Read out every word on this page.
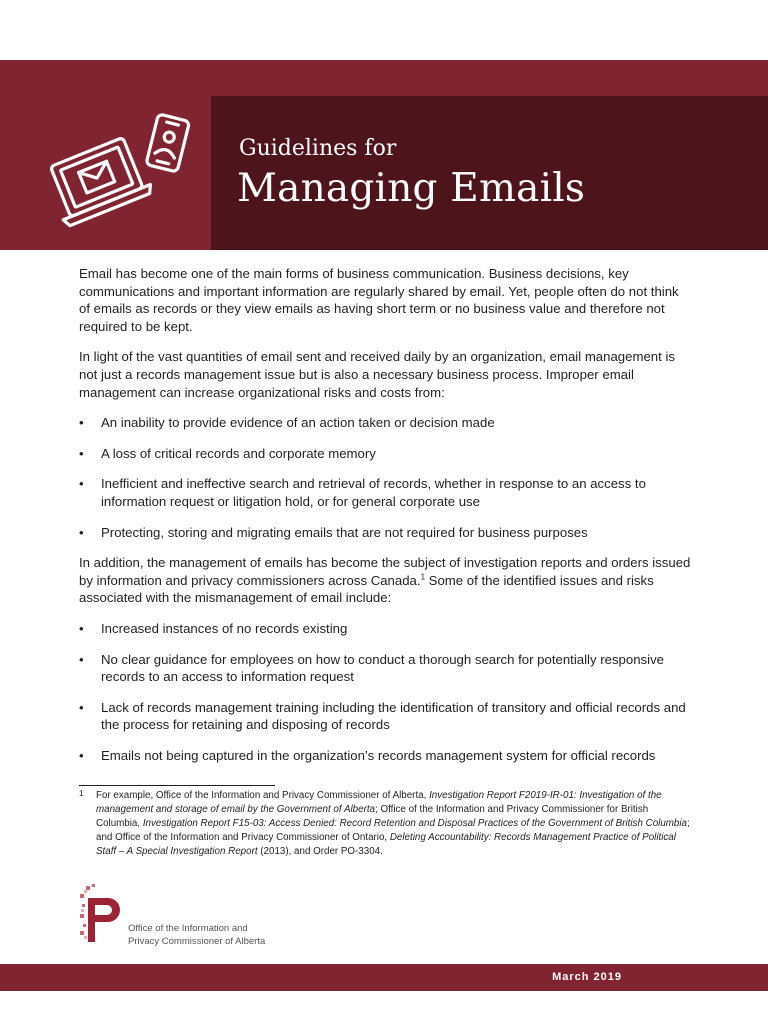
Guidelines for
Managing Emails

Email has become one of the main forms of business communication. Business decisions, key communications and important information are regularly shared by email. Yet, people often do not think of emails as records or they view emails as having short term or no business value and therefore not required to be kept.

In light of the vast quantities of email sent and received daily by an organization, email management is not just a records management issue but is also a necessary business process. Improper email management can increase organizational risks and costs from:

• An inability to provide evidence of an action taken or decision made
• A loss of critical records and corporate memory
• Inefficient and ineffective search and retrieval of records, whether in response to an access to information request or litigation hold, or for general corporate use
• Protecting, storing and migrating emails that are not required for business purposes

In addition, the management of emails has become the subject of investigation reports and orders issued by information and privacy commissioners across Canada.$^1$ Some of the identified issues and risks associated with the mismanagement of email include:

• Increased instances of no records existing
• No clear guidance for employees on how to conduct a thorough search for potentially responsive records to an access to information request
• Lack of records management training including the identification of transitory and official records and the process for retaining and disposing of records
• Emails not being captured in the organization’s records management system for official records
1	For example, Office of the Information and Privacy Commissioner of Alberta, Investigation Report F2019-IR-01: Investigation of the management and storage of email by the Government of Alberta; Office of the Information and Privacy Commissioner for British Columbia, Investigation Report F15-03: Access Denied: Record Retention and Disposal Practices of the Government of British Columbia; and Office of the Information and Privacy Commissioner of Ontario, Deleting Accountability: Records Management Practice of Political Staff – A Special Investigation Report (2013), and Order PO-3304.
Office of the Information and
Privacy Commissioner of Alberta
March 2019
